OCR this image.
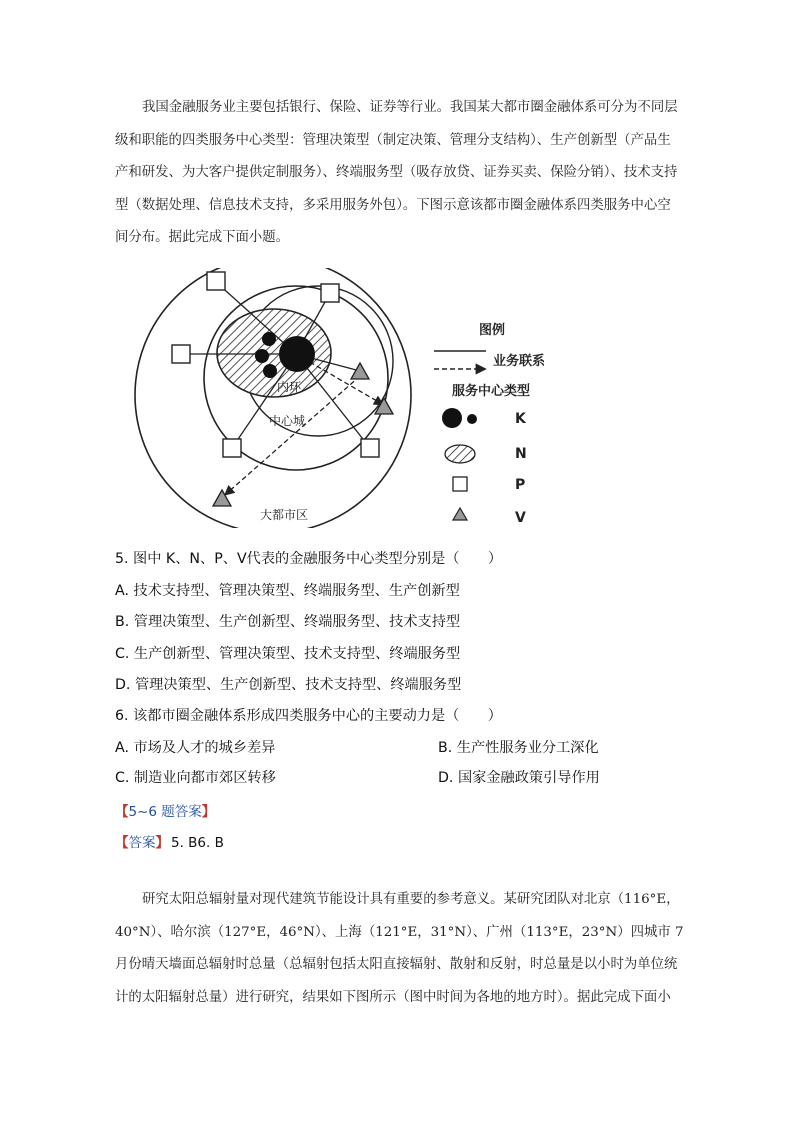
我国金融服务业主要包括银行、保险、证券等行业。我国某大都市圈金融体系可分为不同层
级和职能的四类服务中心类型：管理决策型（制定决策、管理分支结构）、生产创新型（产品生
产和研发、为大客户提供定制服务）、终端服务型（吸存放贷、证券买卖、保险分销）、技术支持
型（数据处理、信息技术支持，多采用服务外包）。下图示意该都市圈金融体系四类服务中心空
间分布。据此完成下面小题。
内环
中心城
大都市区
图例
业务联系
服务中心类型
K
N
P
V
5. 图中 K、N、P、V代表的金融服务中心类型分别是（　　）
A. 技术支持型、管理决策型、终端服务型、生产创新型
B. 管理决策型、生产创新型、终端服务型、技术支持型
C. 生产创新型、管理决策型、技术支持型、终端服务型
D. 管理决策型、生产创新型、技术支持型、终端服务型
6. 该都市圈金融体系形成四类服务中心的主要动力是（　　）
A. 市场及人才的城乡差异	B. 生产性服务业分工深化
C. 制造业向都市郊区转移	D. 国家金融政策引导作用
【5~6 题答案】
【答案】 5. B6. B
研究太阳总辐射量对现代建筑节能设计具有重要的参考意义。某研究团队对北京（116°E，
40°N）、哈尔滨（127°E，46°N）、上海（121°E，31°N）、广州（113°E，23°N）四城市 7
月份晴天墙面总辐射时总量（总辐射包括太阳直接辐射、散射和反射，时总量是以小时为单位统
计的太阳辐射总量）进行研究，结果如下图所示（图中时间为各地的地方时）。据此完成下面小
